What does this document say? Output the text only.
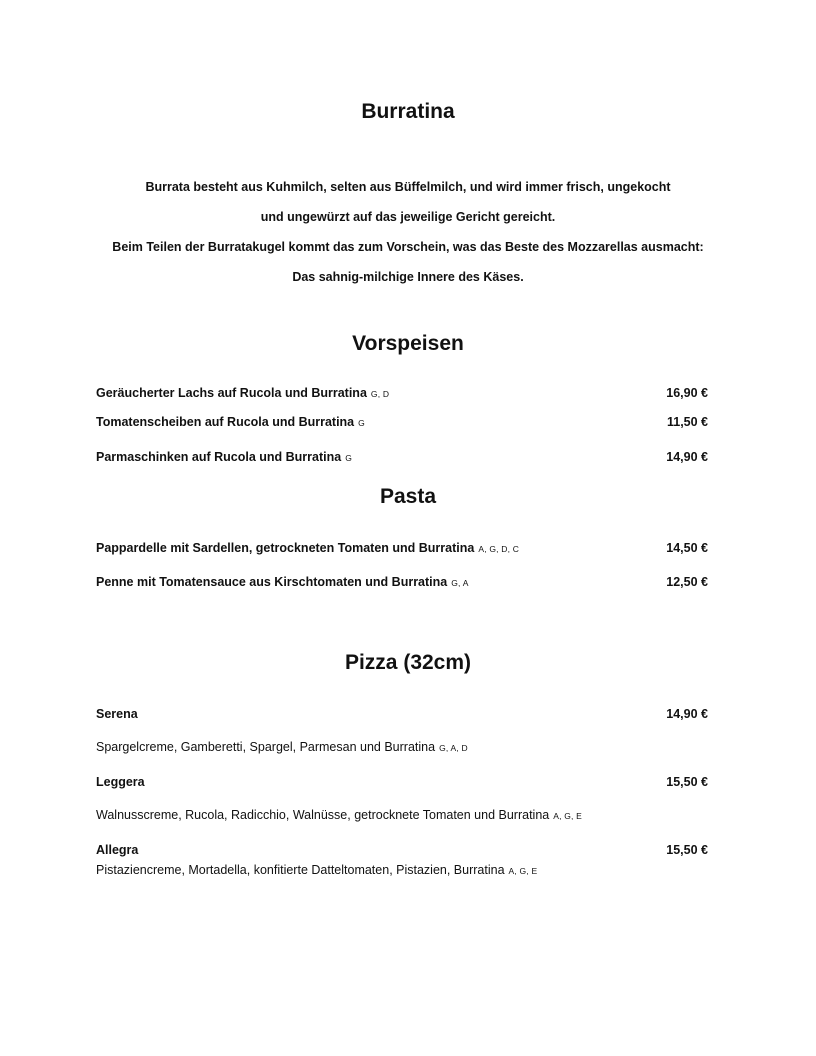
Burratina
Burrata besteht aus Kuhmilch, selten aus Büffelmilch, und wird immer frisch, ungekocht
und ungewürzt auf das jeweilige Gericht gereicht.
Beim Teilen der Burratakugel kommt das zum Vorschein, was das Beste des Mozzarellas ausmacht:
Das sahnig-milchige Innere des Käses.
Vorspeisen
Geräucherter Lachs auf Rucola und Burratina G, D	16,90 €
Tomatenscheiben auf Rucola und Burratina G	11,50 €
Parmaschinken auf Rucola und Burratina G	14,90 €
Pasta
Pappardelle mit Sardellen, getrockneten Tomaten und Burratina A, G, D, C	14,50 €
Penne mit Tomatensauce aus Kirschtomaten und Burratina G, A	12,50 €
Pizza (32cm)
Serena	14,90 €
Spargelcreme, Gamberetti, Spargel, Parmesan und Burratina G, A, D
Leggera	15,50 €
Walnusscreme, Rucola, Radicchio, Walnüsse, getrocknete Tomaten und Burratina A, G, E
Allegra	15,50 €
Pistaziencreme, Mortadella, konfitierte Datteltomaten, Pistazien, Burratina A, G, E
